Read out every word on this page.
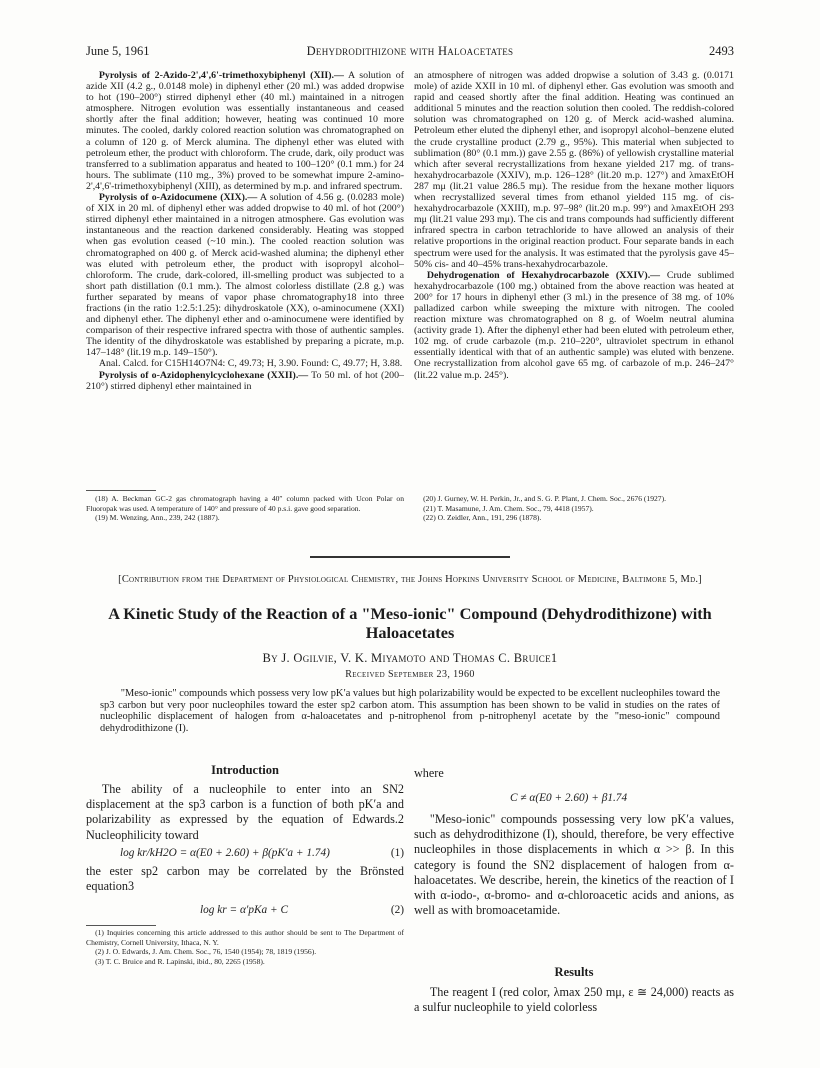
June 5, 1961	Dehydrodithizone with Haloacetates	2493

Pyrolysis of 2-Azido-2',4',6'-trimethoxybiphenyl (XII).— A solution of azide XII (4.2 g., 0.0148 mole) in diphenyl ether (20 ml.) was added dropwise to hot (190–200°) stirred diphenyl ether (40 ml.) maintained in a nitrogen atmosphere. Nitrogen evolution was essentially instantaneous and ceased shortly after the final addition; however, heating was continued 10 more minutes. The cooled, darkly colored reaction solution was chromatographed on a column of 120 g. of Merck alumina. The diphenyl ether was eluted with petroleum ether, the product with chloroform. The crude, dark, oily product was transferred to a sublimation apparatus and heated to 100–120° (0.1 mm.) for 24 hours. The sublimate (110 mg., 3%) proved to be somewhat impure 2-amino-2',4',6'-trimethoxybiphenyl (XIII), as determined by m.p. and infrared spectrum.

Pyrolysis of o-Azidocumene (XIX).— A solution of 4.56 g. (0.0283 mole) of XIX in 20 ml. of diphenyl ether was added dropwise to 40 ml. of hot (200°) stirred diphenyl ether maintained in a nitrogen atmosphere. Gas evolution was instantaneous and the reaction darkened considerably. Heating was stopped when gas evolution ceased (~10 min.). The cooled reaction solution was chromatographed on 400 g. of Merck acid-washed alumina; the diphenyl ether was eluted with petroleum ether, the product with isopropyl alcohol–chloroform. The crude, dark-colored, ill-smelling product was subjected to a short path distillation (0.1 mm.). The almost colorless distillate (2.8 g.) was further separated by means of vapor phase chromatography18 into three fractions (in the ratio 1:2.5:1.25): dihydroskatole (XX), o-aminocumene (XXI) and diphenyl ether. The diphenyl ether and o-aminocumene were identified by comparison of their respective infrared spectra with those of authentic samples. The identity of the dihydroskatole was established by preparing a picrate, m.p. 147–148° (lit.19 m.p. 149–150°).

Anal. Calcd. for C15H14O7N4: C, 49.73; H, 3.90. Found: C, 49.77; H, 3.88.

Pyrolysis of o-Azidophenylcyclohexane (XXII).— To 50 ml. of hot (200–210°) stirred diphenyl ether maintained in

an atmosphere of nitrogen was added dropwise a solution of 3.43 g. (0.0171 mole) of azide XXII in 10 ml. of diphenyl ether. Gas evolution was smooth and rapid and ceased shortly after the final addition. Heating was continued an additional 5 minutes and the reaction solution then cooled. The reddish-colored solution was chromatographed on 120 g. of Merck acid-washed alumina. Petroleum ether eluted the diphenyl ether, and isopropyl alcohol–benzene eluted the crude crystalline product (2.79 g., 95%). This material when subjected to sublimation (80° (0.1 mm.)) gave 2.55 g. (86%) of yellowish crystalline material which after several recrystallizations from hexane yielded 217 mg. of trans-hexahydrocarbazole (XXIV), m.p. 126–128° (lit.20 m.p. 127°) and λmaxEtOH 287 mμ (lit.21 value 286.5 mμ). The residue from the hexane mother liquors when recrystallized several times from ethanol yielded 115 mg. of cis-hexahydrocarbazole (XXIII), m.p. 97–98° (lit.20 m.p. 99°) and λmaxEtOH 293 mμ (lit.21 value 293 mμ). The cis and trans compounds had sufficiently different infrared spectra in carbon tetrachloride to have allowed an analysis of their relative proportions in the original reaction product. Four separate bands in each spectrum were used for the analysis. It was estimated that the pyrolysis gave 45–50% cis- and 40–45% trans-hexahydrocarbazole.

Dehydrogenation of Hexahydrocarbazole (XXIV).— Crude sublimed hexahydrocarbazole (100 mg.) obtained from the above reaction was heated at 200° for 17 hours in diphenyl ether (3 ml.) in the presence of 38 mg. of 10% palladized carbon while sweeping the mixture with nitrogen. The cooled reaction mixture was chromatographed on 8 g. of Woelm neutral alumina (activity grade 1). After the diphenyl ether had been eluted with petroleum ether, 102 mg. of crude carbazole (m.p. 210–220°, ultraviolet spectrum in ethanol essentially identical with that of an authentic sample) was eluted with benzene. One recrystallization from alcohol gave 65 mg. of carbazole of m.p. 246–247° (lit.22 value m.p. 245°).

(18) A. Beckman GC-2 gas chromatograph having a 40″ column packed with Ucon Polar on Fluoropak was used. A temperature of 140° and pressure of 40 p.s.i. gave good separation.

(19) M. Wenzing, Ann., 239, 242 (1887).

(20) J. Gurney, W. H. Perkin, Jr., and S. G. P. Plant, J. Chem. Soc., 2676 (1927).

(21) T. Masamune, J. Am. Chem. Soc., 79, 4418 (1957).

(22) O. Zeidler, Ann., 191, 296 (1878).

[Contribution from the Department of Physiological Chemistry, the Johns Hopkins University School of Medicine, Baltimore 5, Md.]
A Kinetic Study of the Reaction of a "Meso-ionic" Compound (Dehydrodithizone) with Haloacetates
By J. Ogilvie, V. K. Miyamoto and Thomas C. Bruice1
Received September 23, 1960
"Meso-ionic" compounds which possess very low pK′a values but high polarizability would be expected to be excellent nucleophiles toward the sp3 carbon but very poor nucleophiles toward the ester sp2 carbon atom. This assumption has been shown to be valid in studies on the rates of nucleophilic displacement of halogen from α-haloacetates and p-nitrophenol from p-nitrophenyl acetate by the "meso-ionic" compound dehydrodithizone (I).
Introduction

The ability of a nucleophile to enter into an SN2 displacement at the sp3 carbon is a function of both pK′a and polarizability as expressed by the equation of Edwards.2 Nucleophilicity toward

log kr/kH2O = α(E0 + 2.60) + β(pK′a + 1.74)	(1)

the ester sp2 carbon may be correlated by the Brönsted equation3

log kr = α′pKa + C	(2)

(1) Inquiries concerning this article addressed to this author should be sent to The Department of Chemistry, Cornell University, Ithaca, N. Y.

(2) J. O. Edwards, J. Am. Chem. Soc., 76, 1540 (1954); 78, 1819 (1956).

(3) T. C. Bruice and R. Lapinski, ibid., 80, 2265 (1958).

where

C ≠ α(E0 + 2.60) + β1.74

"Meso-ionic" compounds possessing very low pK′a values, such as dehydrodithizone (I), should, therefore, be very effective nucleophiles in those displacements in which α >> β. In this category is found the SN2 displacement of halogen from α-haloacetates. We describe, herein, the kinetics of the reaction of I with α-iodo-, α-bromo- and α-chloroacetic acids and anions, as well as with bromoacetamide.

Results

The reagent I (red color, λmax 250 mμ, ε ≅ 24,000) reacts as a sulfur nucleophile to yield colorless
